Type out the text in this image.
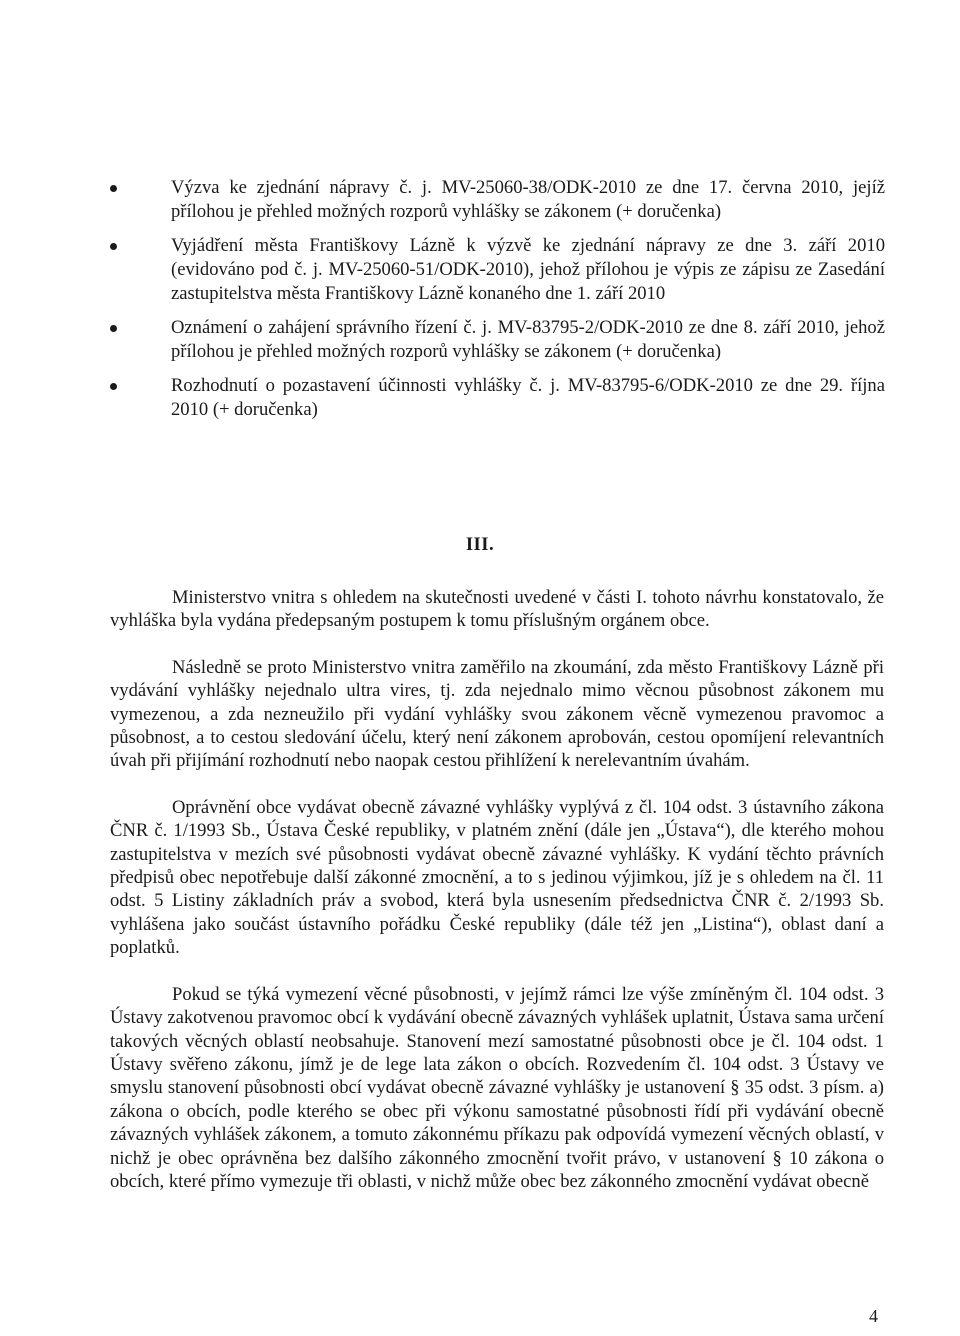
Výzva ke zjednání nápravy č. j. MV-25060-38/ODK-2010 ze dne 17. června 2010, jejíž přílohou je přehled možných rozporů vyhlášky se zákonem (+ doručenka)
Vyjádření města Františkovy Lázně k výzvě ke zjednání nápravy ze dne 3. září 2010 (evidováno pod č. j. MV-25060-51/ODK-2010), jehož přílohou je výpis ze zápisu ze Zasedání zastupitelstva města Františkovy Lázně konaného dne 1. září 2010
Oznámení o zahájení správního řízení č. j. MV-83795-2/ODK-2010 ze dne 8. září 2010, jehož přílohou je přehled možných rozporů vyhlášky se zákonem (+ doručenka)
Rozhodnutí o pozastavení účinnosti vyhlášky č. j. MV-83795-6/ODK-2010 ze dne 29. října 2010 (+ doručenka)
III.

Ministerstvo vnitra s ohledem na skutečnosti uvedené v části I. tohoto návrhu konstatovalo, že vyhláška byla vydána předepsaným postupem k tomu příslušným orgánem obce.

Následně se proto Ministerstvo vnitra zaměřilo na zkoumání, zda město Františkovy Lázně při vydávání vyhlášky nejednalo ultra vires, tj. zda nejednalo mimo věcnou působnost zákonem mu vymezenou, a zda nezneužilo při vydání vyhlášky svou zákonem věcně vymezenou pravomoc a působnost, a to cestou sledování účelu, který není zákonem aprobován, cestou opomíjení relevantních úvah při přijímání rozhodnutí nebo naopak cestou přihlížení k nerelevantním úvahám.

Oprávnění obce vydávat obecně závazné vyhlášky vyplývá z čl. 104 odst. 3 ústavního zákona ČNR č. 1/1993 Sb., Ústava České republiky, v platném znění (dále jen „Ústava“), dle kterého mohou zastupitelstva v mezích své působnosti vydávat obecně závazné vyhlášky. K vydání těchto právních předpisů obec nepotřebuje další zákonné zmocnění, a to s jedinou výjimkou, jíž je s ohledem na čl. 11 odst. 5 Listiny základních práv a svobod, která byla usnesením předsednictva ČNR č. 2/1993 Sb. vyhlášena jako součást ústavního pořádku České republiky (dále též jen „Listina“), oblast daní a poplatků.

Pokud se týká vymezení věcné působnosti, v jejímž rámci lze výše zmíněným čl. 104 odst. 3 Ústavy zakotvenou pravomoc obcí k vydávání obecně závazných vyhlášek uplatnit, Ústava sama určení takových věcných oblastí neobsahuje. Stanovení mezí samostatné působnosti obce je čl. 104 odst. 1 Ústavy svěřeno zákonu, jímž je de lege lata zákon o obcích. Rozvedením čl. 104 odst. 3 Ústavy ve smyslu stanovení působnosti obcí vydávat obecně závazné vyhlášky je ustanovení § 35 odst. 3 písm. a) zákona o obcích, podle kterého se obec při výkonu samostatné působnosti řídí při vydávání obecně závazných vyhlášek zákonem, a tomuto zákonnému příkazu pak odpovídá vymezení věcných oblastí, v nichž je obec oprávněna bez dalšího zákonného zmocnění tvořit právo, v ustanovení § 10 zákona o obcích, které přímo vymezuje tři oblasti, v nichž může obec bez zákonného zmocnění vydávat obecně

4
